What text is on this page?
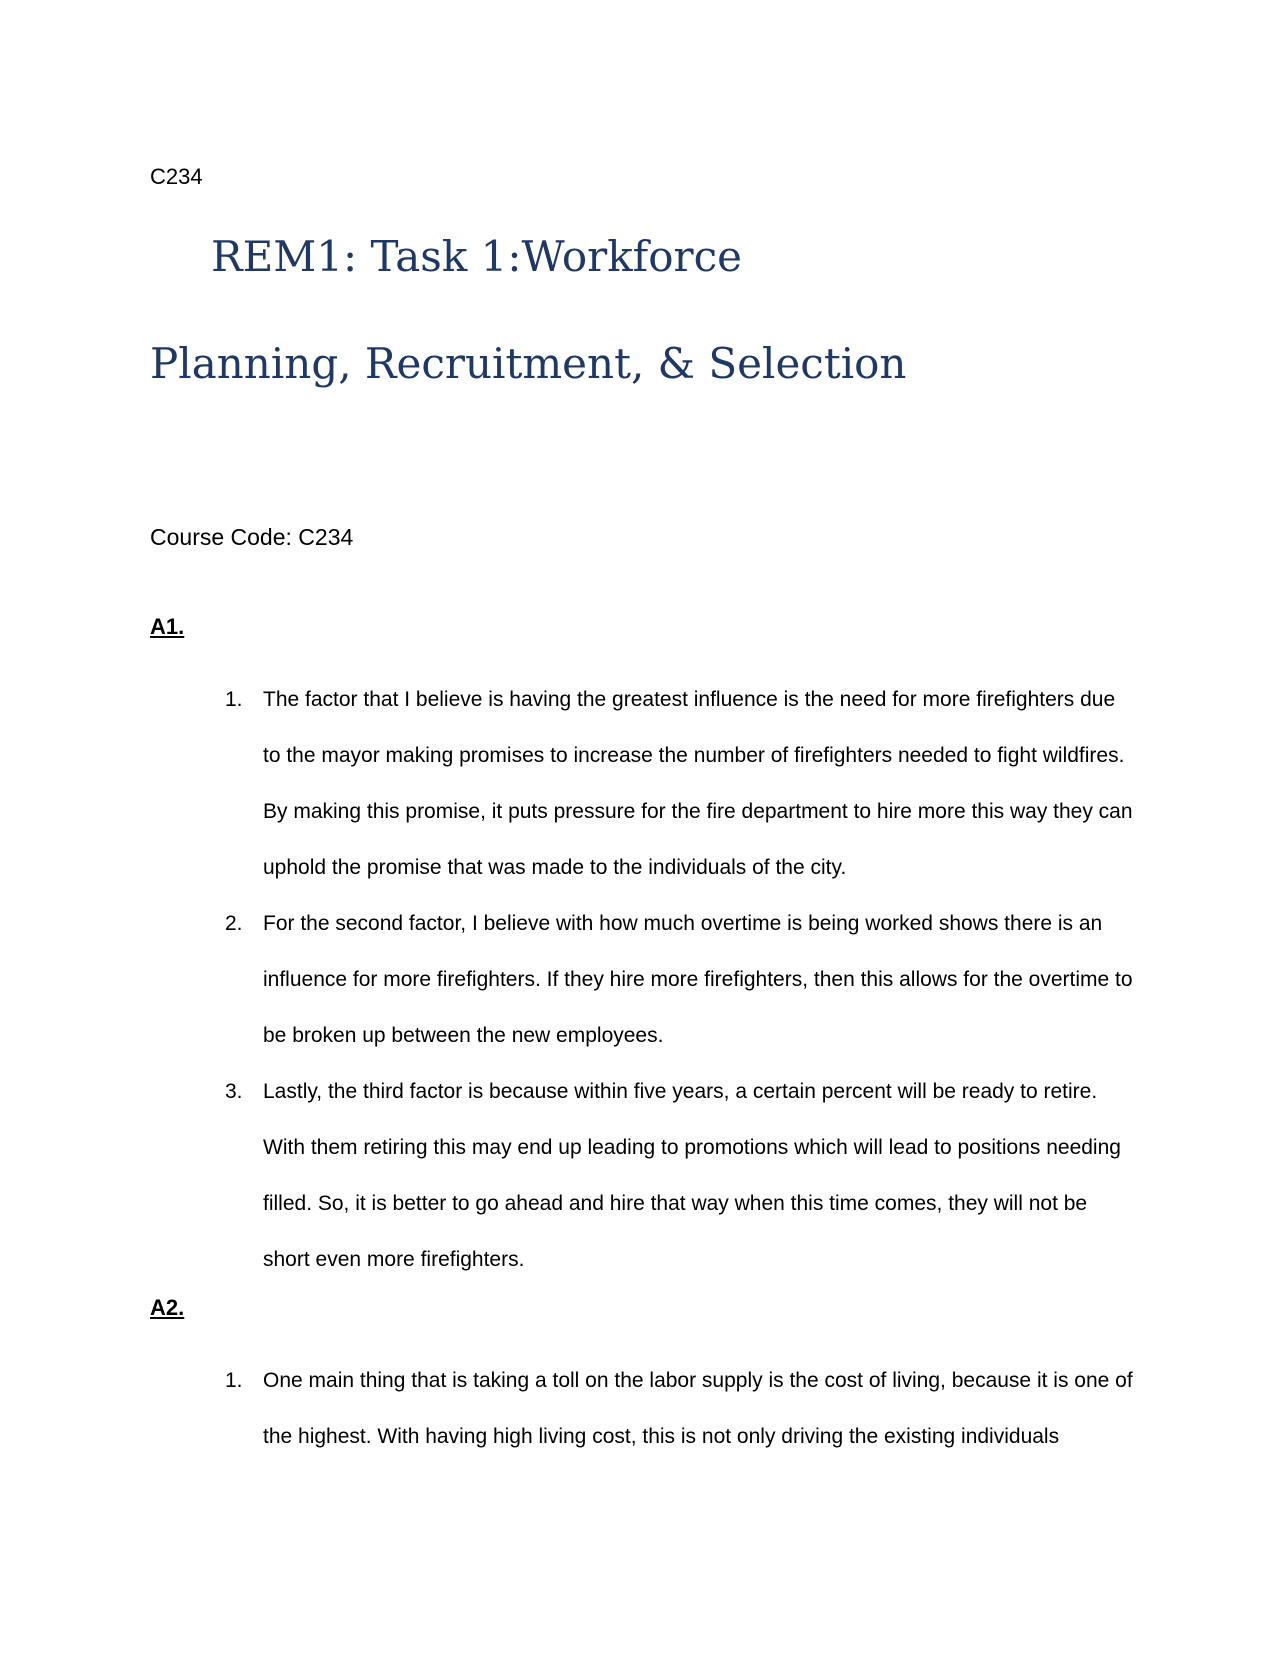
C234
REM1: Task 1:Workforce
Planning, Recruitment, & Selection
Course Code: C234
A1.
1. The factor that I believe is having the greatest influence is the need for more firefighters due to the mayor making promises to increase the number of firefighters needed to fight wildfires. By making this promise, it puts pressure for the fire department to hire more this way they can uphold the promise that was made to the individuals of the city.
2. For the second factor, I believe with how much overtime is being worked shows there is an influence for more firefighters. If they hire more firefighters, then this allows for the overtime to be broken up between the new employees.
3. Lastly, the third factor is because within five years, a certain percent will be ready to retire. With them retiring this may end up leading to promotions which will lead to positions needing filled. So, it is better to go ahead and hire that way when this time comes, they will not be short even more firefighters.
A2.
1. One main thing that is taking a toll on the labor supply is the cost of living, because it is one of the highest. With having high living cost, this is not only driving the existing individuals
